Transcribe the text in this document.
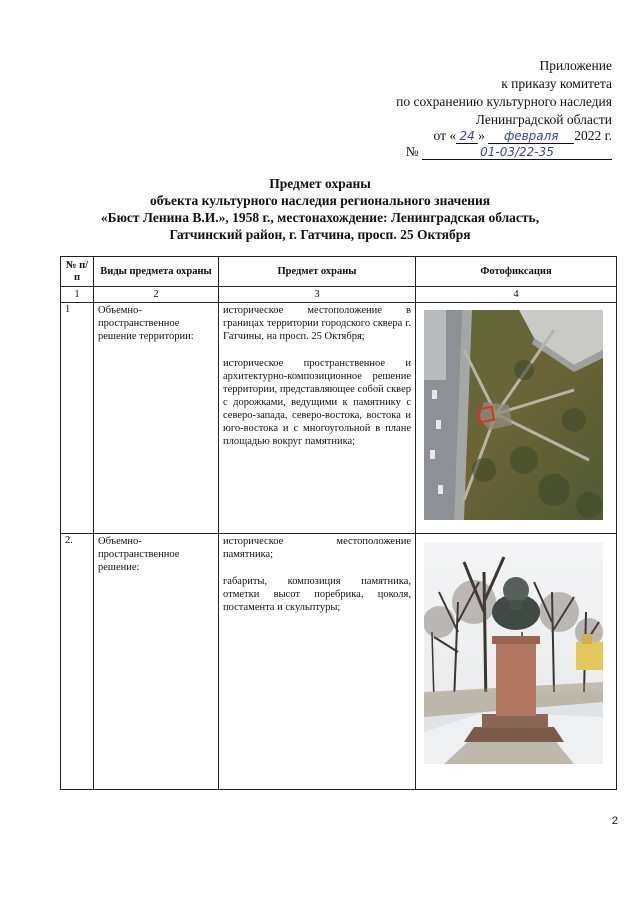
Приложение
к приказу комитета
по сохранению культурного наследия
Ленинградской области
от « 24 » февраля 2022 г.
№	01-03/22-35
Предмет охраны
объекта культурного наследия регионального значения
«Бюст Ленина В.И.», 1958 г., местонахождение: Ленинградская область,
Гатчинский район, г. Гатчина, просп. 25 Октября
№ п/п	Виды предмета охраны	Предмет охраны	Фотофиксация
1	2	3	4
1	Объемно-пространственное решение территории:	историческое местоположение в границах территории городского сквера г. Гатчины, на просп. 25 Октября;
историческое пространственное и архитектурно-композиционное решение территории, представляющее собой сквер с дорожками, ведущими к памятнику с северо-запада, северо-востока, востока и юго-востока и с многоугольной в плане площадью вокруг памятника;

2.	Объемно-пространственное решение:	историческое местоположение памятника;
габариты, композиция памятника, отметки высот поребрика, цоколя, постамента и скульптуры;

2
